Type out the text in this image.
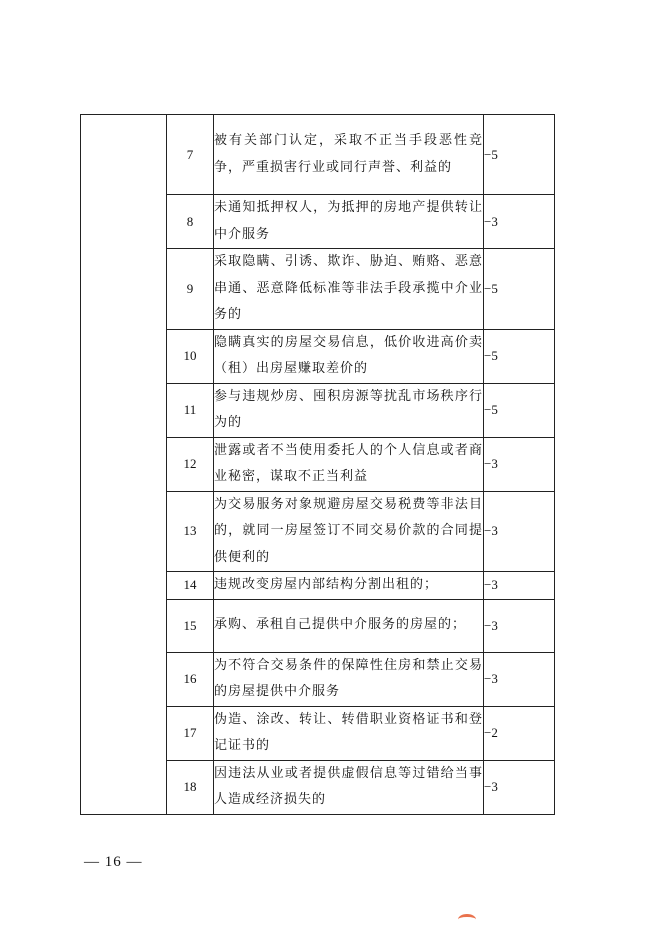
	7	被有关部门认定，采取不正当手段恶性竞争，严重损害行业或同行声誉、利益的	−5
	8	未通知抵押权人，为抵押的房地产提供转让中介服务	−3
	9	采取隐瞒、引诱、欺诈、胁迫、贿赂、恶意串通、恶意降低标准等非法手段承揽中介业务的	−5
	10	隐瞒真实的房屋交易信息，低价收进高价卖（租）出房屋赚取差价的	−5
	11	参与违规炒房、囤积房源等扰乱市场秩序行为的	−5
	12	泄露或者不当使用委托人的个人信息或者商业秘密，谋取不正当利益	−3
	13	为交易服务对象规避房屋交易税费等非法目的，就同一房屋签订不同交易价款的合同提供便利的	−3
	14	违规改变房屋内部结构分割出租的；	−3
	15	承购、承租自己提供中介服务的房屋的；	−3
	16	为不符合交易条件的保障性住房和禁止交易的房屋提供中介服务	−3
	17	伪造、涂改、转让、转借职业资格证书和登记证书的	−2
	18	因违法从业或者提供虚假信息等过错给当事人造成经济损失的	−3
— 16 —
